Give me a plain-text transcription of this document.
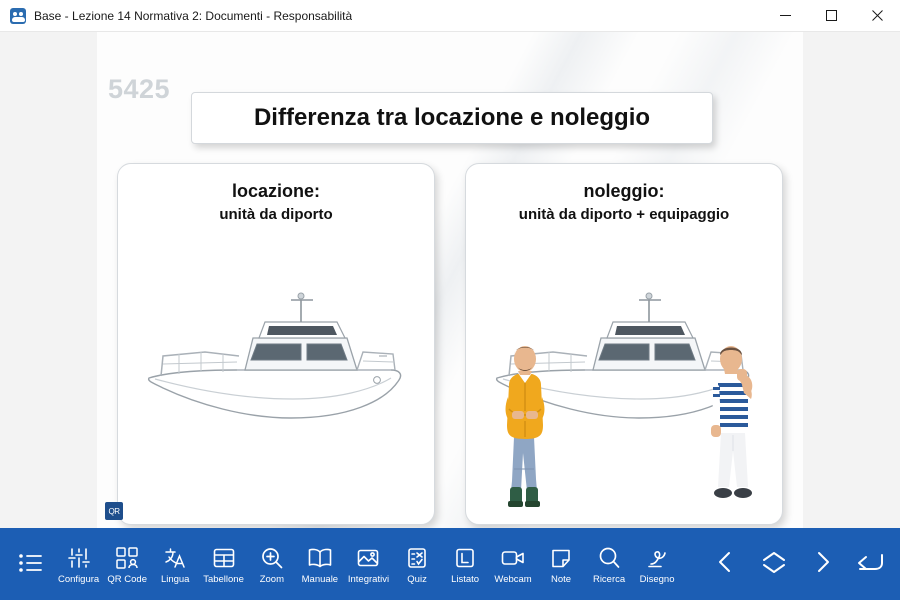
Base - Lezione 14 Normativa 2: Documenti - Responsabilità
5425
Differenza tra locazione e noleggio
locazione:
unità da diporto
noleggio:
unità da diporto + equipaggio
QR
Configura QR Code Lingua Tabellone Zoom Manuale Integrativi Quiz	Listato Webcam Note Ricerca Disegno
